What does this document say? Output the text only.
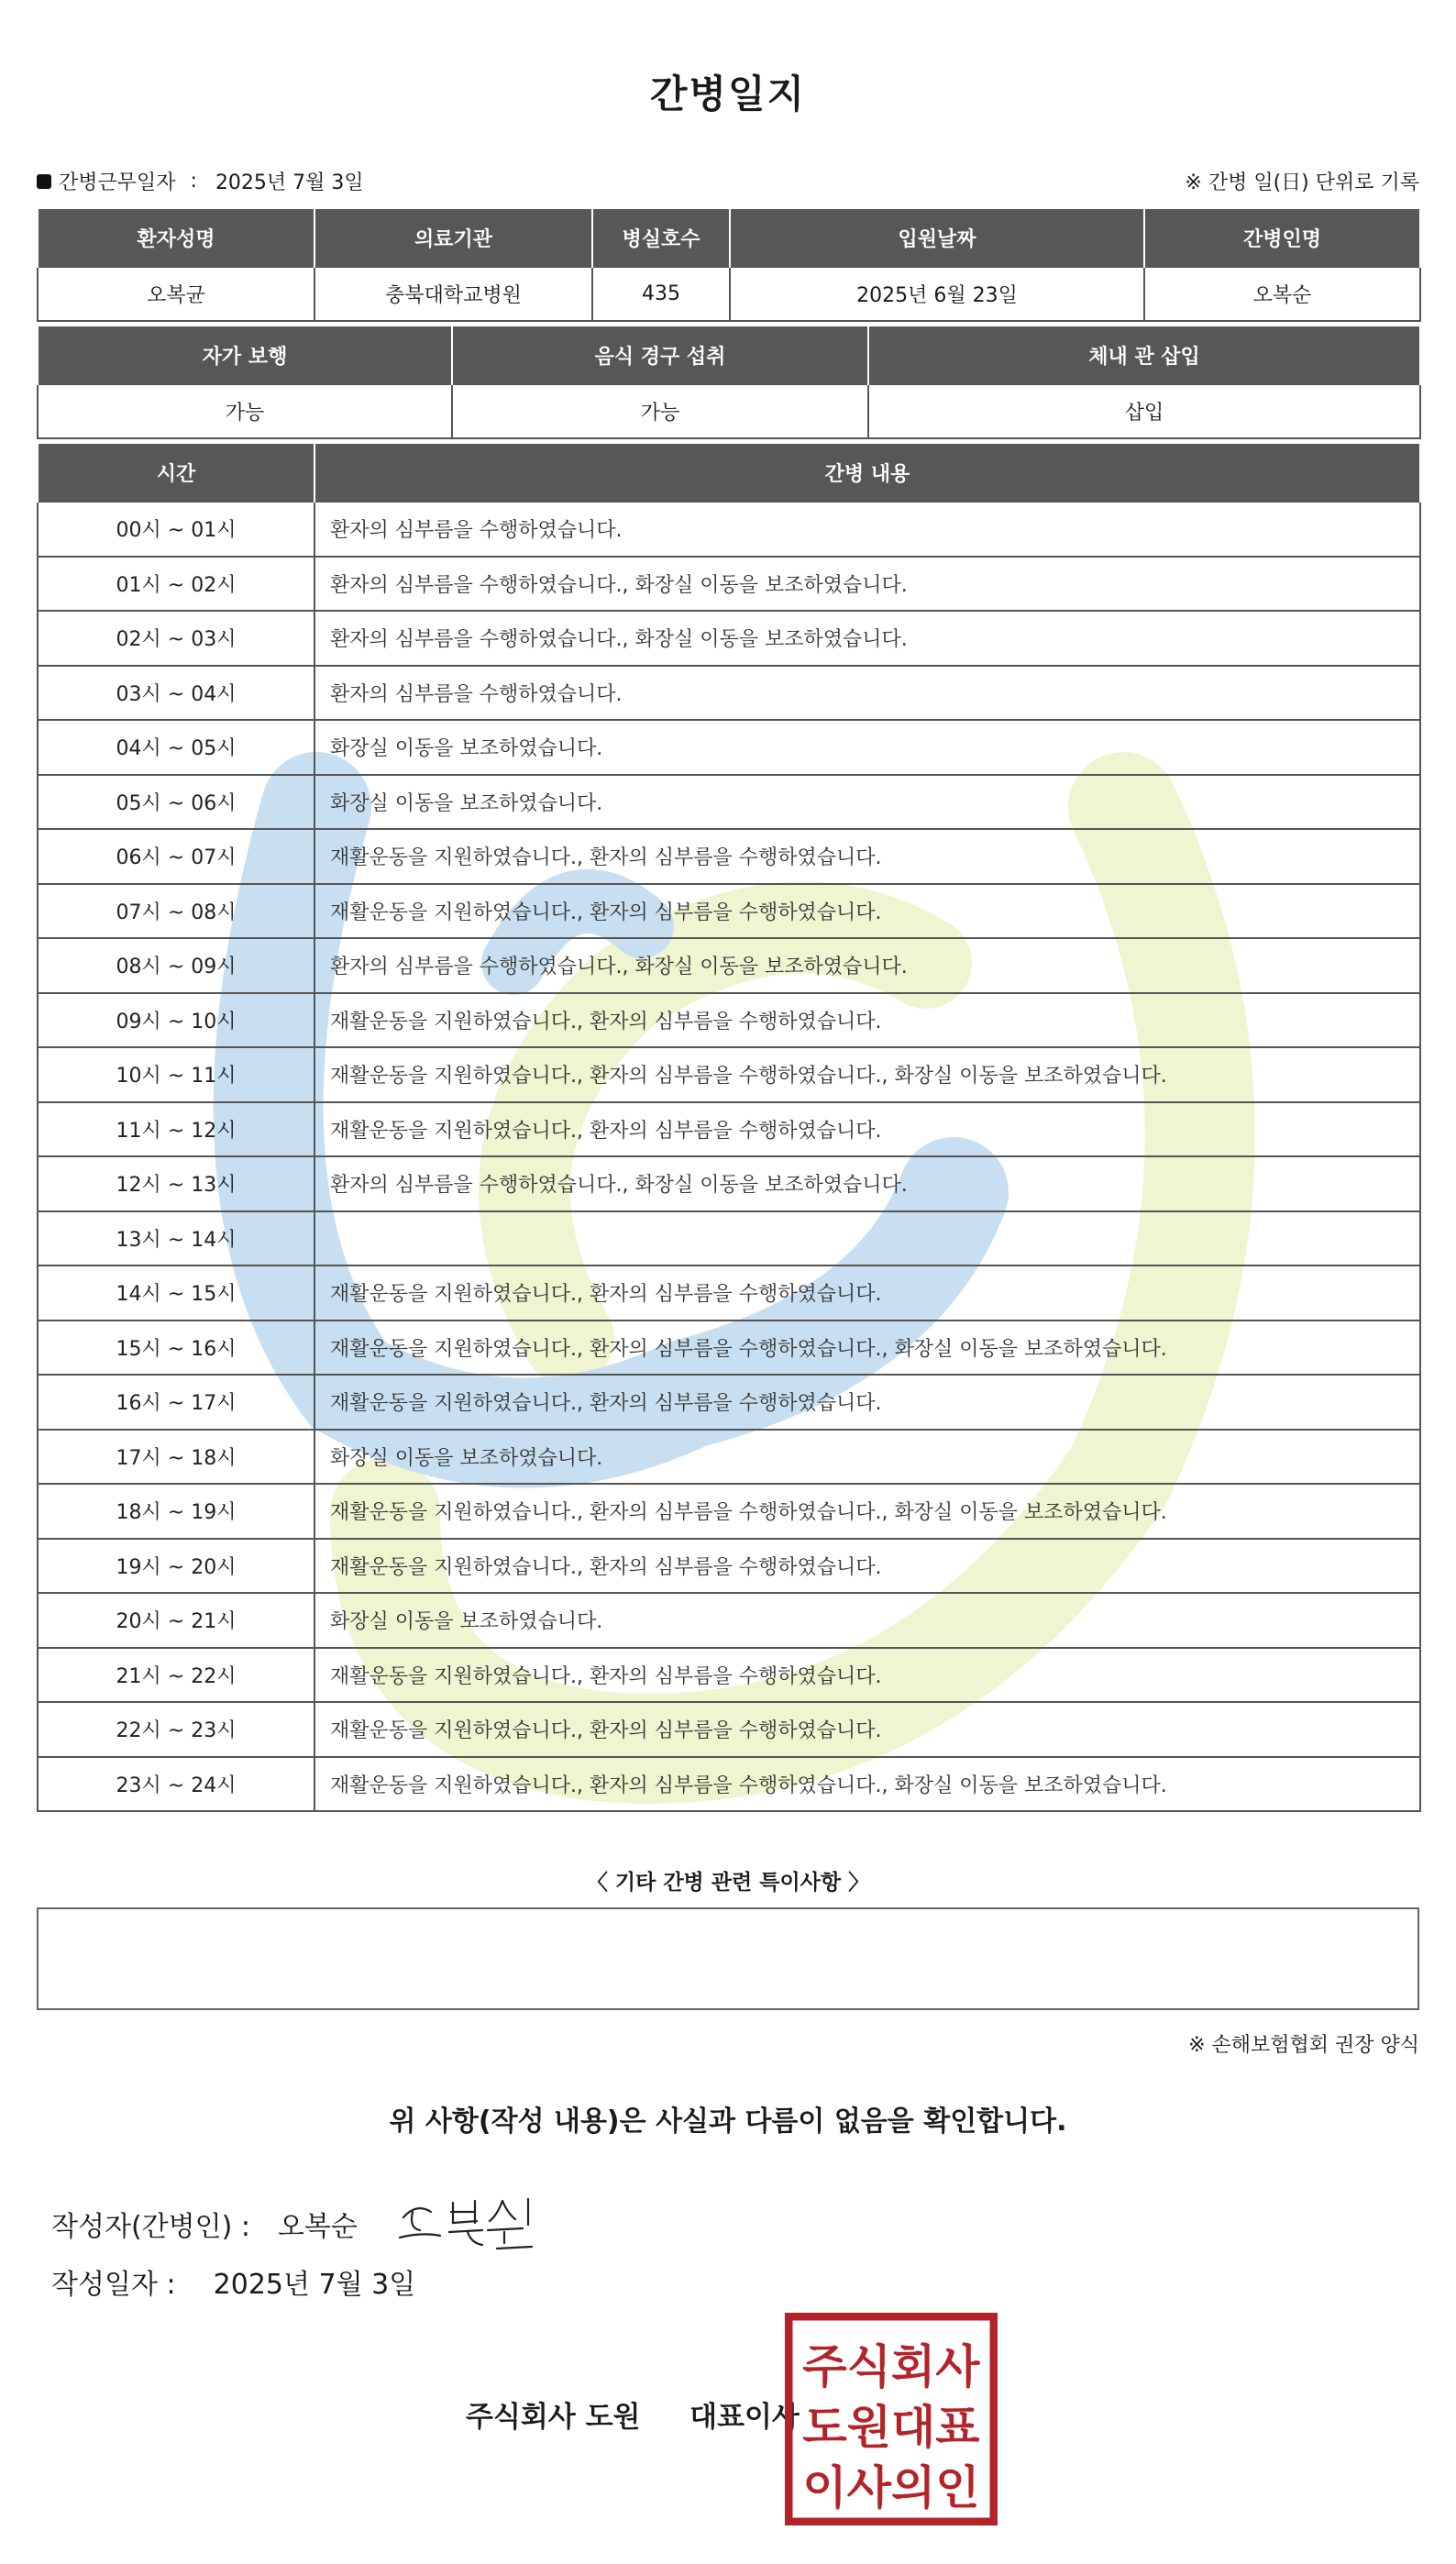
간병일지
간병근무일자 : 2025년 7월 3일	※ 간병 일(日) 단위로 기록
환자성명	의료기관	병실호수	입원날짜	간병인명
오복균	충북대학교병원	435	2025년 6월 23일	오복순
자가 보행	음식 경구 섭취	체내 관 삽입
가능	가능	삽입
시간	간병 내용
00시 ~ 01시	환자의 심부름을 수행하였습니다.
01시 ~ 02시	환자의 심부름을 수행하였습니다., 화장실 이동을 보조하였습니다.
02시 ~ 03시	환자의 심부름을 수행하였습니다., 화장실 이동을 보조하였습니다.
03시 ~ 04시	환자의 심부름을 수행하였습니다.
04시 ~ 05시	화장실 이동을 보조하였습니다.
05시 ~ 06시	화장실 이동을 보조하였습니다.
06시 ~ 07시	재활운동을 지원하였습니다., 환자의 심부름을 수행하였습니다.
07시 ~ 08시	재활운동을 지원하였습니다., 환자의 심부름을 수행하였습니다.
08시 ~ 09시	환자의 심부름을 수행하였습니다., 화장실 이동을 보조하였습니다.
09시 ~ 10시	재활운동을 지원하였습니다., 환자의 심부름을 수행하였습니다.
10시 ~ 11시	재활운동을 지원하였습니다., 환자의 심부름을 수행하였습니다., 화장실 이동을 보조하였습니다.
11시 ~ 12시	재활운동을 지원하였습니다., 환자의 심부름을 수행하였습니다.
12시 ~ 13시	환자의 심부름을 수행하였습니다., 화장실 이동을 보조하였습니다.
13시 ~ 14시	
14시 ~ 15시	재활운동을 지원하였습니다., 환자의 심부름을 수행하였습니다.
15시 ~ 16시	재활운동을 지원하였습니다., 환자의 심부름을 수행하였습니다., 화장실 이동을 보조하였습니다.
16시 ~ 17시	재활운동을 지원하였습니다., 환자의 심부름을 수행하였습니다.
17시 ~ 18시	화장실 이동을 보조하였습니다.
18시 ~ 19시	재활운동을 지원하였습니다., 환자의 심부름을 수행하였습니다., 화장실 이동을 보조하였습니다.
19시 ~ 20시	재활운동을 지원하였습니다., 환자의 심부름을 수행하였습니다.
20시 ~ 21시	화장실 이동을 보조하였습니다.
21시 ~ 22시	재활운동을 지원하였습니다., 환자의 심부름을 수행하였습니다.
22시 ~ 23시	재활운동을 지원하였습니다., 환자의 심부름을 수행하였습니다.
23시 ~ 24시	재활운동을 지원하였습니다., 환자의 심부름을 수행하였습니다., 화장실 이동을 보조하였습니다.
〈 기타 간병 관련 특이사항 〉
※ 손해보험협회 권장 양식
위 사항(작성 내용)은 사실과 다름이 없음을 확인합니다.
작성자(간병인) : 오복순
작성일자 : 2025년 7월 3일
주식회사 도원 대표이사
주식회사
도원대표
이사의인
